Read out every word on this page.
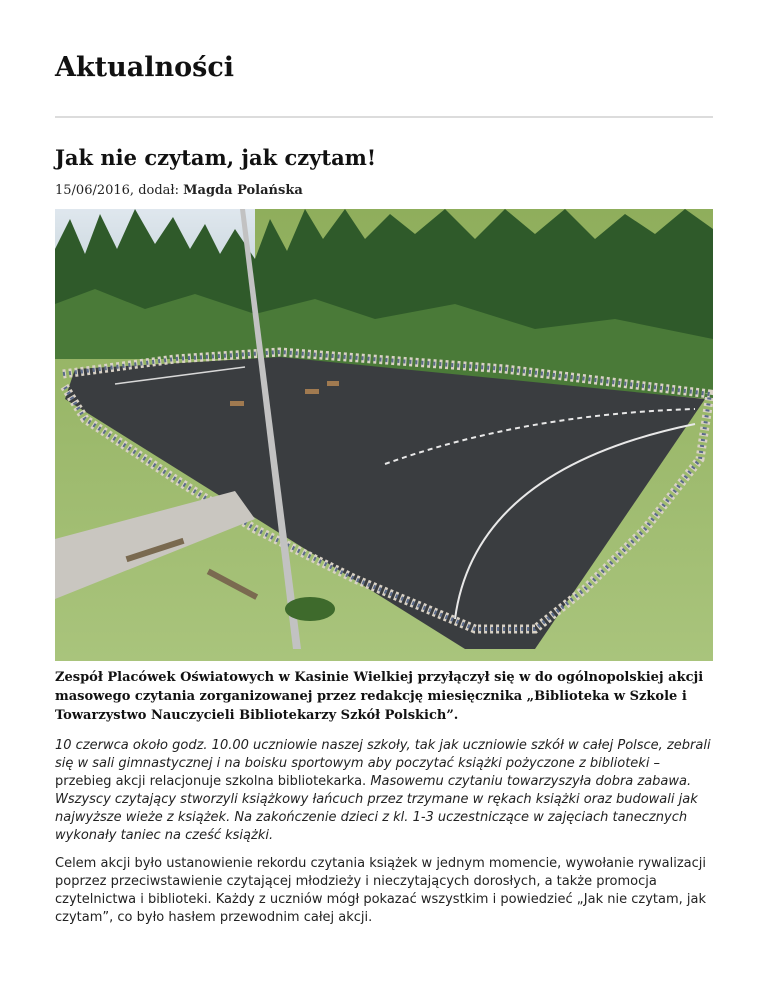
Aktualności
Jak nie czytam, jak czytam!
15/06/2016, dodał: Magda Polańska

Zespół Placówek Oświatowych w Kasinie Wielkiej przyłączył się w do ogólnopolskiej akcji masowego czytania zorganizowanej przez redakcję miesięcznika „Biblioteka w Szkole i Towarzystwo Nauczycieli Bibliotekarzy Szkół Polskich”.

10 czerwca około godz. 10.00 uczniowie naszej szkoły, tak jak uczniowie szkół w całej Polsce, zebrali się w sali gimnastycznej i na boisku sportowym aby poczytać książki pożyczone z biblioteki – przebieg akcji relacjonuje szkolna bibliotekarka. Masowemu czytaniu towarzyszyła dobra zabawa. Wszyscy czytający stworzyli książkowy łańcuch przez trzymane w rękach książki oraz budowali jak najwyższe wieże z książek. Na zakończenie dzieci z kl. 1-3 uczestniczące w zajęciach tanecznych wykonały taniec na cześć książki.

Celem akcji było ustanowienie rekordu czytania książek w jednym momencie, wywołanie rywalizacji poprzez przeciwstawienie czytającej młodzieży i nieczytających dorosłych, a także promocja czytelnictwa i biblioteki. Każdy z uczniów mógł pokazać wszystkim i powiedzieć „Jak nie czytam, jak czytam”, co było hasłem przewodnim całej akcji.
